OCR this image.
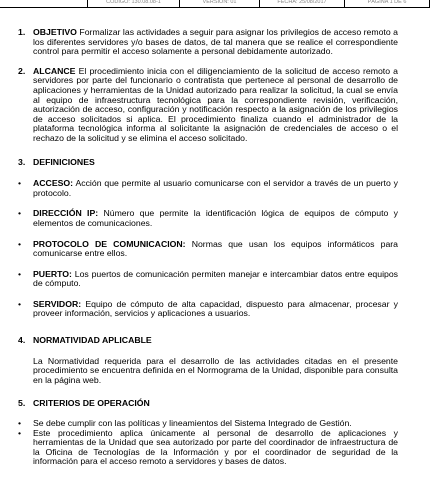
CÓDIGO: 130.08.08-1	VERSIÓN: 01	FECHA: 25/08/2017	PÁGINA 1 DE 6
1. OBJETIVO Formalizar las actividades a seguir para asignar los privilegios de acceso remoto a los diferentes servidores y/o bases de datos, de tal manera que se realice el correspondiente control para permitir el acceso solamente a personal debidamente autorizado.
2. ALCANCE El procedimiento inicia con el diligenciamiento de la solicitud de acceso remoto a servidores por parte del funcionario o contratista que pertenece al personal de desarrollo de aplicaciones y herramientas de la Unidad autorizado para realizar la solicitud, la cual se envía al equipo de infraestructura tecnológica para la correspondiente revisión, verificación, autorización de acceso, configuración y notificación respecto a la asignación de los privilegios de acceso solicitados si aplica. El procedimiento finaliza cuando el administrador de la plataforma tecnológica informa al solicitante la asignación de credenciales de acceso o el rechazo de la solicitud y se elimina el acceso solicitado.
3. DEFINICIONES
• ACCESO: Acción que permite al usuario comunicarse con el servidor a través de un puerto y protocolo.
• DIRECCIÓN IP: Número que permite la identificación lógica de equipos de cómputo y elementos de comunicaciones.
• PROTOCOLO DE COMUNICACION: Normas que usan los equipos informáticos para comunicarse entre ellos.
• PUERTO: Los puertos de comunicación permiten manejar e intercambiar datos entre equipos de cómputo.
• SERVIDOR: Equipo de cómputo de alta capacidad, dispuesto para almacenar, procesar y proveer información, servicios y aplicaciones a usuarios.
4. NORMATIVIDAD APLICABLE
La Normatividad requerida para el desarrollo de las actividades citadas en el presente procedimiento se encuentra definida en el Normograma de la Unidad, disponible para consulta en la página web.
5. CRITERIOS DE OPERACIÓN
• Se debe cumplir con las políticas y lineamientos del Sistema Integrado de Gestión.
• Este procedimiento aplica únicamente al personal de desarrollo de aplicaciones y herramientas de la Unidad que sea autorizado por parte del coordinador de infraestructura de la Oficina de Tecnologías de la Información y por el coordinador de seguridad de la información para el acceso remoto a servidores y bases de datos.
